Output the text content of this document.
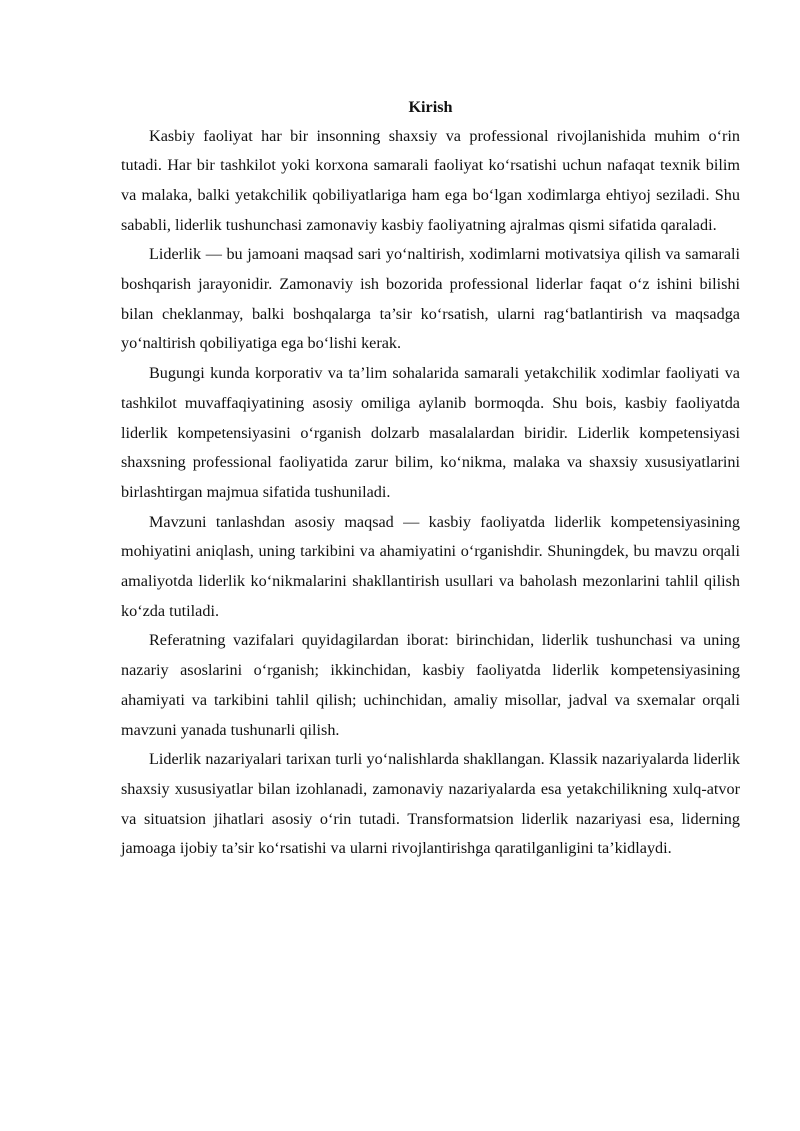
Kirish

Kasbiy faoliyat har bir insonning shaxsiy va professional rivojlanishida muhim o‘rin tutadi. Har bir tashkilot yoki korxona samarali faoliyat ko‘rsatishi uchun nafaqat texnik bilim va malaka, balki yetakchilik qobiliyatlariga ham ega bo‘lgan xodimlarga ehtiyoj seziladi. Shu sababli, liderlik tushunchasi zamonaviy kasbiy faoliyatning ajralmas qismi sifatida qaraladi.

Liderlik — bu jamoani maqsad sari yo‘naltirish, xodimlarni motivatsiya qilish va samarali boshqarish jarayonidir. Zamonaviy ish bozorida professional liderlar faqat o‘z ishini bilishi bilan cheklanmay, balki boshqalarga ta’sir ko‘rsatish, ularni rag‘batlantirish va maqsadga yo‘naltirish qobiliyatiga ega bo‘lishi kerak.

Bugungi kunda korporativ va ta’lim sohalarida samarali yetakchilik xodimlar faoliyati va tashkilot muvaffaqiyatining asosiy omiliga aylanib bormoqda. Shu bois, kasbiy faoliyatda liderlik kompetensiyasini o‘rganish dolzarb masalalardan biridir. Liderlik kompetensiyasi shaxsning professional faoliyatida zarur bilim, ko‘nikma, malaka va shaxsiy xususiyatlarini birlashtirgan majmua sifatida tushuniladi.

Mavzuni tanlashdan asosiy maqsad — kasbiy faoliyatda liderlik kompetensiyasining mohiyatini aniqlash, uning tarkibini va ahamiyatini o‘rganishdir. Shuningdek, bu mavzu orqali amaliyotda liderlik ko‘nikmalarini shakllantirish usullari va baholash mezonlarini tahlil qilish ko‘zda tutiladi.

Referatning vazifalari quyidagilardan iborat: birinchidan, liderlik tushunchasi va uning nazariy asoslarini o‘rganish; ikkinchidan, kasbiy faoliyatda liderlik kompetensiyasining ahamiyati va tarkibini tahlil qilish; uchinchidan, amaliy misollar, jadval va sxemalar orqali mavzuni yanada tushunarli qilish.

Liderlik nazariyalari tarixan turli yo‘nalishlarda shakllangan. Klassik nazariyalarda liderlik shaxsiy xususiyatlar bilan izohlanadi, zamonaviy nazariyalarda esa yetakchilikning xulq-atvor va situatsion jihatlari asosiy o‘rin tutadi. Transformatsion liderlik nazariyasi esa, liderning jamoaga ijobiy ta’sir ko‘rsatishi va ularni rivojlantirishga qaratilganligini ta’kidlaydi.
